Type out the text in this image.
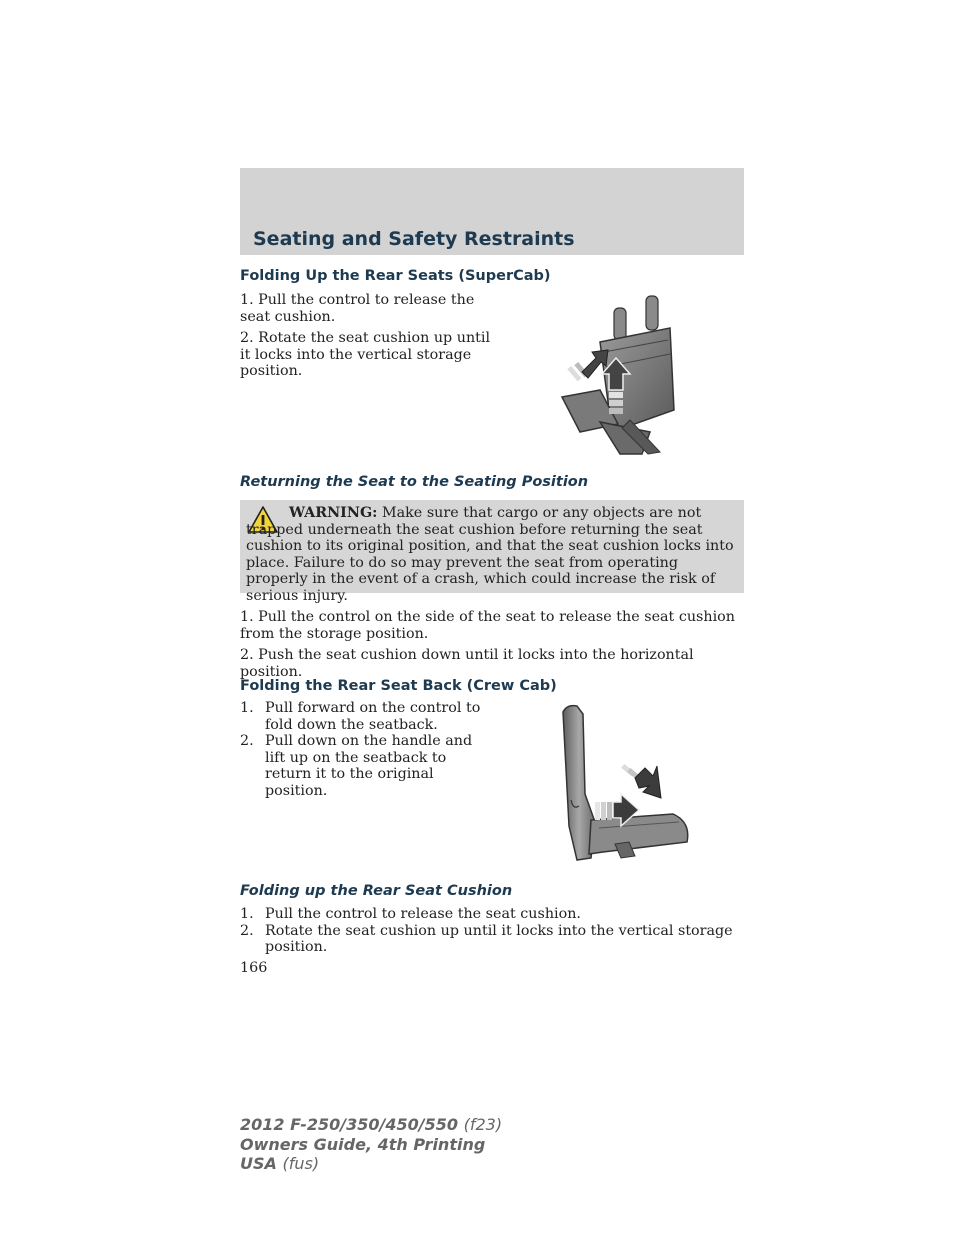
Seating and Safety Restraints
Folding Up the Rear Seats (SuperCab)

1. Pull the control to release the seat cushion.

2. Rotate the seat cushion up until it locks into the vertical storage position.

Returning the Seat to the Seating Position

WARNING: Make sure that cargo or any objects are not trapped underneath the seat cushion before returning the seat cushion to its original position, and that the seat cushion locks into place. Failure to do so may prevent the seat from operating properly in the event of a crash, which could increase the risk of serious injury.

1. Pull the control on the side of the seat to release the seat cushion from the storage position.

2. Push the seat cushion down until it locks into the horizontal position.

Folding the Rear Seat Back (Crew Cab)
1. Pull forward on the control to fold down the seatback.
2. Pull down on the handle and lift up on the seatback to return it to the original position.
Folding up the Rear Seat Cushion
1. Pull the control to release the seat cushion.
2. Rotate the seat cushion up until it locks into the vertical storage position.

166

2012 F-250/350/450/550 (f23)
Owners Guide, 4th Printing
USA (fus)
